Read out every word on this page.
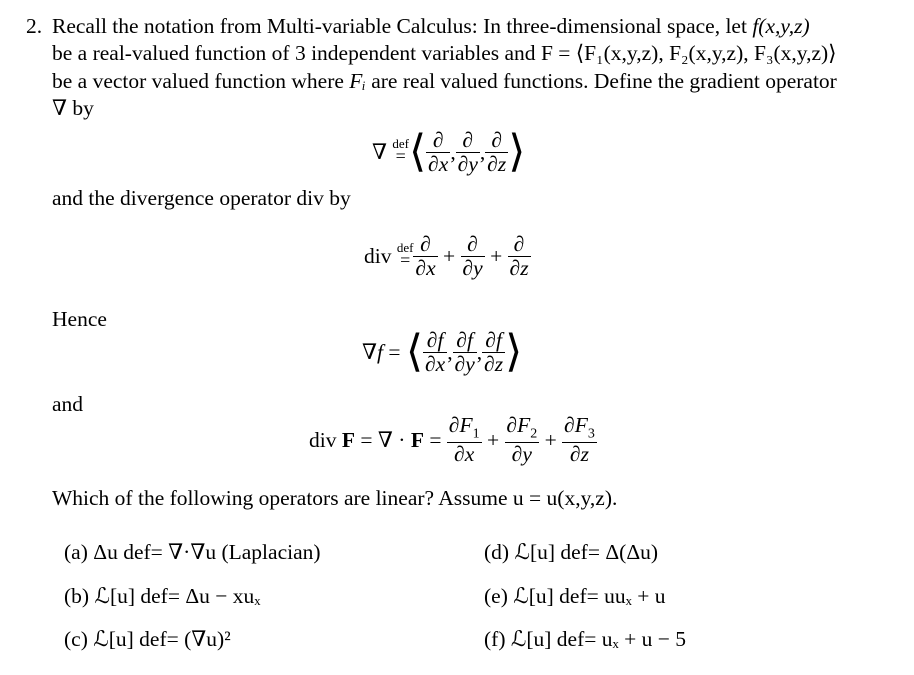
2. Recall the notation from Multi-variable Calculus: In three-dimensional space, let f(x,y,z)
be a real-valued function of 3 independent variables and F = ⟨F₁(x,y,z), F₂(x,y,z), F₃(x,y,z)⟩
be a vector valued function where Fᵢ are real valued functions. Define the gradient operator
∇ by
∇ def
= ⟨ $\frac{\partial}{\partial x}$ , $\frac{\partial}{\partial y}$ , $\frac{\partial}{\partial z}$ ⟩
and the divergence operator div by
div def
= $\frac{\partial}{\partial x} + \frac{\partial}{\partial y} + \frac{\partial}{\partial z}$
Hence
∇f = ⟨ $\frac{\partial f}{\partial x}$ , $\frac{\partial f}{\partial y}$ , $\frac{\partial f}{\partial z}$ ⟩
and
div F = ∇ · $F = \frac{\partial F_1}{\partial x} + \frac{\partial F_2}{\partial y} + \frac{\partial F_3}{\partial z}$
Which of the following operators are linear? Assume u = u(x,y,z).
(a) Δu def= ∇·∇u (Laplacian)
(b) ℒ[u] def= Δu − xuₓ
(c) ℒ[u] def= (∇u)²
(d) ℒ[u] def= Δ(Δu)
(e) ℒ[u] def= uuₓ + u
(f) ℒ[u] def= uₓ + u − 5
